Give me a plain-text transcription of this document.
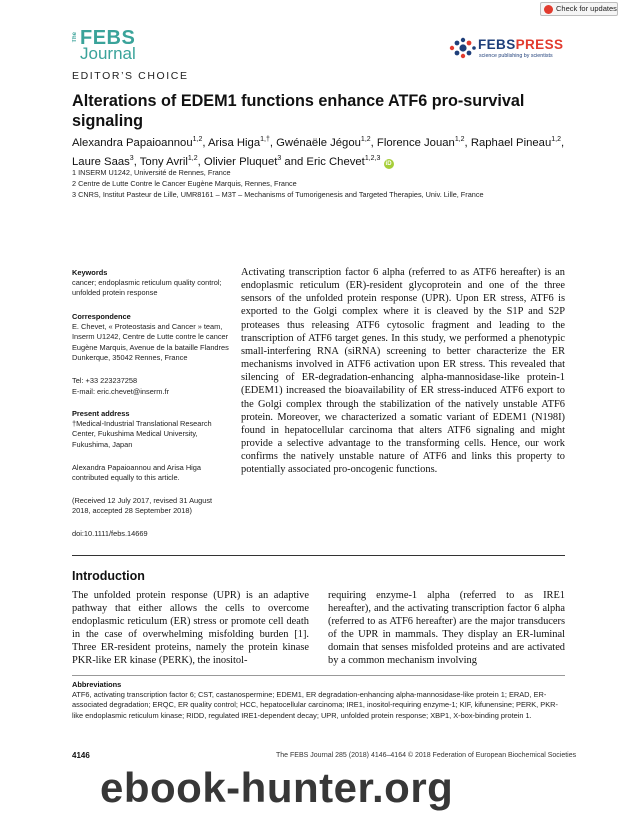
Check for updates
The FEBS
Journal
EDITOR’S CHOICE
FEBSPRESS
science publishing by scientists
Alterations of EDEM1 functions enhance ATF6 pro-survival signaling
Alexandra Papaioannou$^{1,2}$, Arisa Higa$^{1,\dagger}$, Gwénaële Jégou$^{1,2}$, Florence Jouan$^{1,2}$, Raphael Pineau$^{1,2}$, Laure Saas$^3$, Tony Avril$^{1,2}$, Olivier Pluquet$^3$ and Eric Chevet$^{1,2,3}$ iD
1 INSERM U1242, Université de Rennes, France
2 Centre de Lutte Contre le Cancer Eugène Marquis, Rennes, France
3 CNRS, Institut Pasteur de Lille, UMR8161 – M3T – Mechanisms of Tumorigenesis and Targeted Therapies, Univ. Lille, France
Keywords
cancer; endoplasmic reticulum quality control; unfolded protein response
Correspondence
E. Chevet, « Proteostasis and Cancer » team, Inserm U1242, Centre de Lutte contre le cancer Eugène Marquis, Avenue de la bataille Flandres Dunkerque, 35042 Rennes, France
Tel: +33 223237258
E-mail: eric.chevet@inserm.fr
Present address
†Medical-Industrial Translational Research Center, Fukushima Medical University, Fukushima, Japan
Alexandra Papaioannou and Arisa Higa contributed equally to this article.
(Received 12 July 2017, revised 31 August 2018, accepted 28 September 2018)
doi:10.1111/febs.14669
Activating transcription factor 6 alpha (referred to as ATF6 hereafter) is an endoplasmic reticulum (ER)-resident glycoprotein and one of the three sensors of the unfolded protein response (UPR). Upon ER stress, ATF6 is exported to the Golgi complex where it is cleaved by the S1P and S2P proteases thus releasing ATF6 cytosolic fragment and leading to the transcription of ATF6 target genes. In this study, we performed a phenotypic small-interfering RNA (siRNA) screening to better characterize the ER mechanisms involved in ATF6 activation upon ER stress. This revealed that silencing of ER-degradation-enhancing alpha-mannosidase-like protein-1 (EDEM1) increased the bioavailability of ER stress-induced ATF6 export to the Golgi complex through the stabilization of the natively unstable ATF6 protein. Moreover, we characterized a somatic variant of EDEM1 (N198I) found in hepatocellular carcinoma that alters ATF6 signaling and might provide a selective advantage to the transforming cells. Hence, our work confirms the natively unstable nature of ATF6 and links this property to potentially associated pro-oncogenic functions.
Introduction
The unfolded protein response (UPR) is an adaptive pathway that either allows the cells to overcome endoplasmic reticulum (ER) stress or promote cell death in the case of overwhelming misfolding burden [1]. Three ER-resident proteins, namely the protein kinase PKR-like ER kinase (PERK), the inositol-
requiring enzyme-1 alpha (referred to as IRE1 hereafter), and the activating transcription factor 6 alpha (referred to as ATF6 hereafter) are the major transducers of the UPR in mammals. They display an ER-luminal domain that senses misfolded proteins and are activated by a common mechanism involving
Abbreviations
ATF6, activating transcription factor 6; CST, castanospermine; EDEM1, ER degradation-enhancing alpha-mannosidase-like protein 1; ERAD, ER-associated degradation; ERQC, ER quality control; HCC, hepatocellular carcinoma; IRE1, inositol-requiring enzyme-1; KIF, kifunensine; PERK, PKR-like endoplasmic reticulum kinase; RIDD, regulated IRE1-dependent decay; UPR, unfolded protein response; XBP1, X-box-binding protein 1.
4146	The FEBS Journal 285 (2018) 4146–4164 © 2018 Federation of European Biochemical Societies
ebook-hunter.org
